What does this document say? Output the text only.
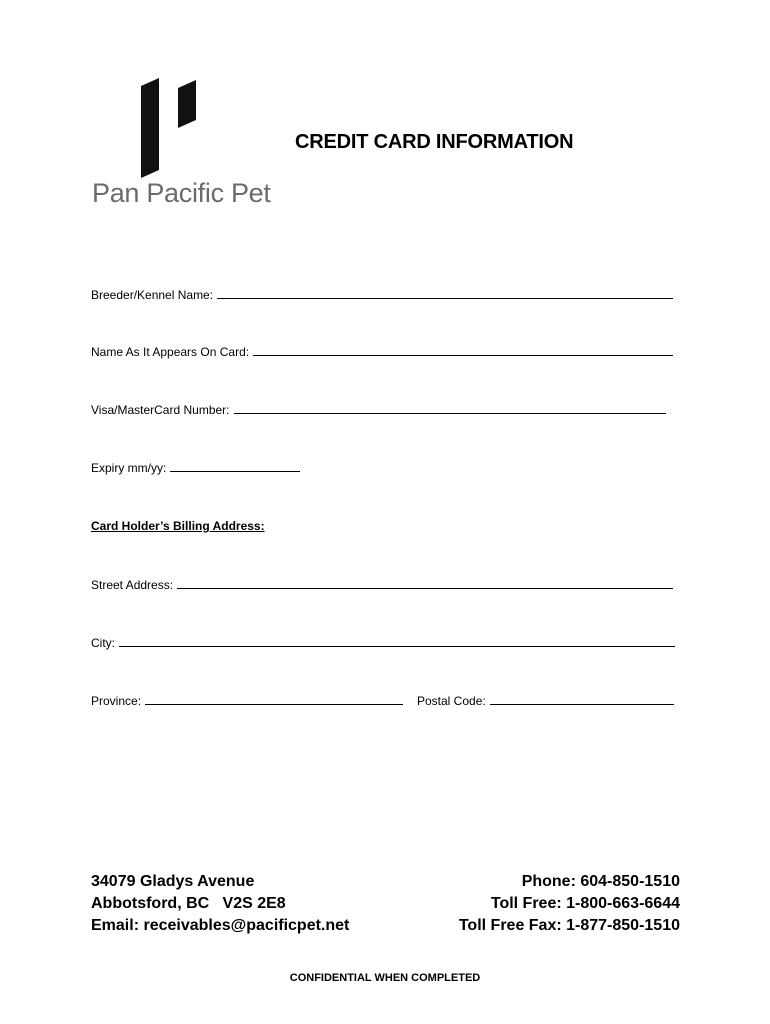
Pan Pacific Pet
CREDIT CARD INFORMATION
Breeder/Kennel Name:
Name As It Appears On Card:
Visa/MasterCard Number:
Expiry mm/yy:
Card Holder’s Billing Address:
Street Address:
City:
Province:	Postal Code:
34079 Gladys Avenue
Abbotsford, BC   V2S 2E8
Email: receivables@pacificpet.net
Phone: 604-850-1510
Toll Free: 1-800-663-6644
Toll Free Fax: 1-877-850-1510
CONFIDENTIAL WHEN COMPLETED
